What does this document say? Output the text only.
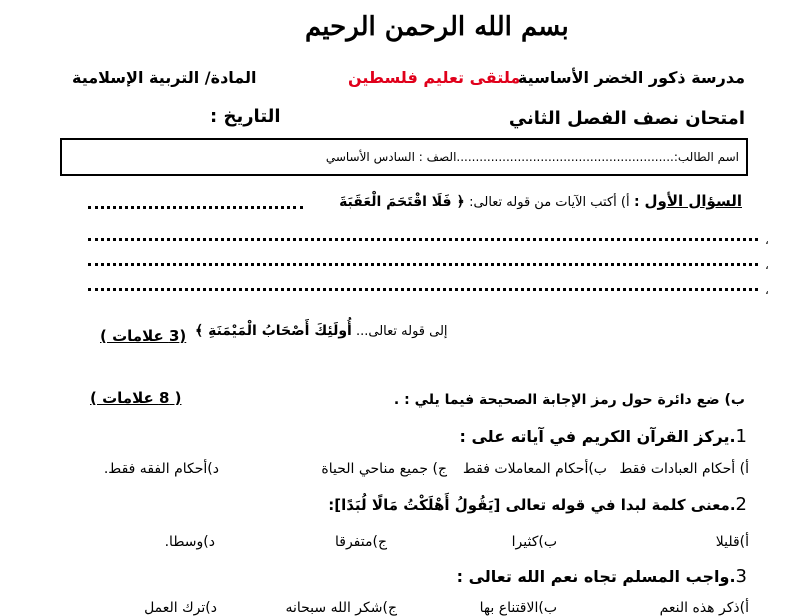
بسم الله الرحمن الرحيم
مدرسة ذكور الخضر الأساسية
ملتقى تعليم فلسطين
المادة/ التربية الإسلامية
امتحان نصف الفصل الثاني
التاريخ :
اسم الطالب:.........................................................الصف : السادس الأساسي
السؤال الأول : أ) أكتب الآيات من قوله تعالى: ﴿ فَلَا اقْتَحَمَ الْعَقَبَةَ
،
،
،
إلى قوله تعالى... أُولَئِكَ أَصْحَابُ الْمَيْمَنَةِ ﴾
(3 علامات )
ب) ضع دائرة حول رمز الإجابة الصحيحة فيما يلي : .
( 8 علامات )
1.يركز القرآن الكريم في آياته على :
أ) أحكام العبادات فقط
ب)أحكام المعاملات فقط
ج) جميع مناحي الحياة
د)أحكام الفقه فقط.
2.معنى كلمة لبدا في قوله تعالى [يَقُولُ أَهْلَكْتُ مَالًا لُبَدًا]:
أ)قليلا
ب)كثيرا
ج)متفرقا
د)وسطا.
3.واجب المسلم تجاه نعم الله تعالى :
أ)ذكر هذه النعم
ب)الاقتناع بها
ج)شكر الله سبحانه
د)ترك العمل
